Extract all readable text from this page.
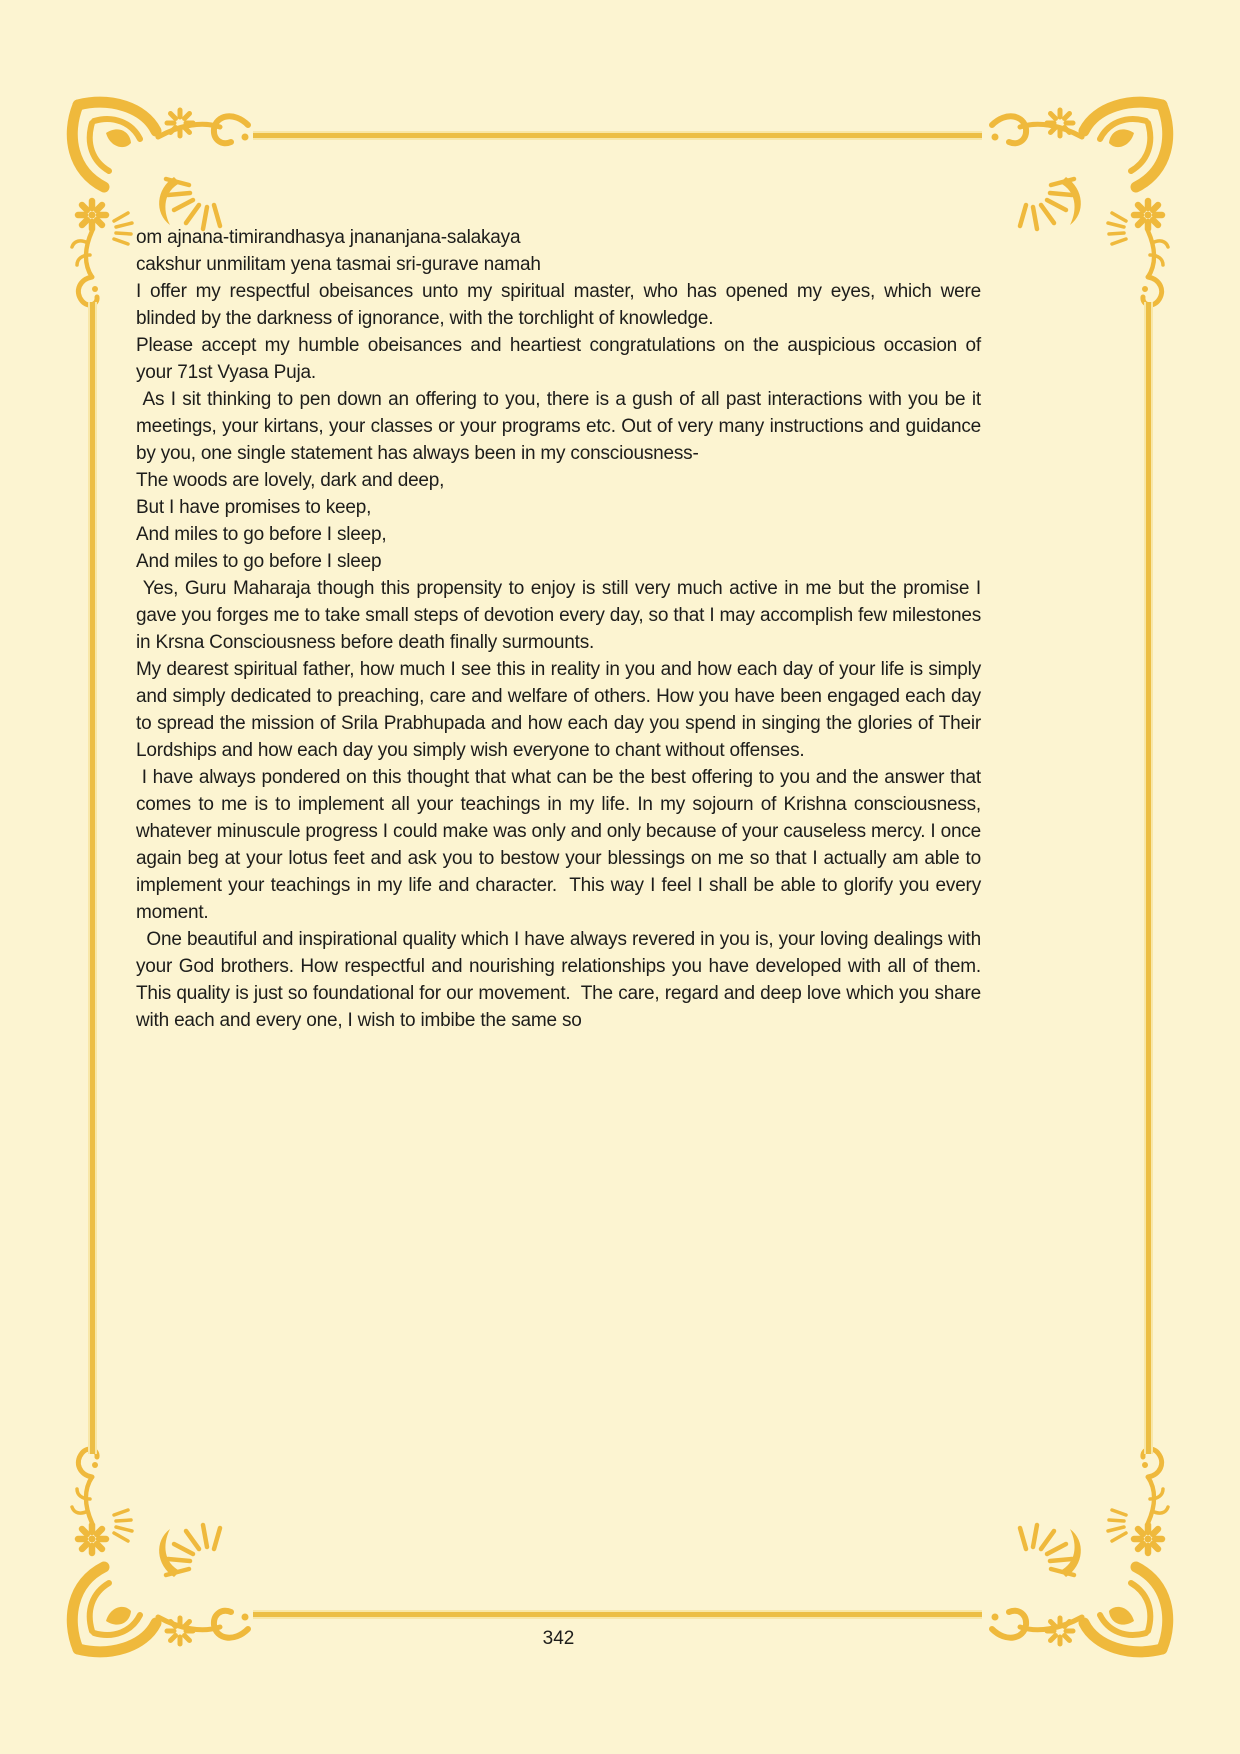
om ajnana-timirandhasya jnananjana-salakaya

cakshur unmilitam yena tasmai sri-gurave namah

I offer my respectful obeisances unto my spiritual master, who has opened my eyes, which were blinded by the darkness of ignorance, with the torchlight of knowledge.

Please accept my humble obeisances and heartiest congratulations on the auspicious occasion of your 71st Vyasa Puja.

As I sit thinking to pen down an offering to you, there is a gush of all past interactions with you be it meetings, your kirtans, your classes or your programs etc. Out of very many instructions and guidance by you, one single statement has always been in my consciousness-

The woods are lovely, dark and deep,

But I have promises to keep,

And miles to go before I sleep,

And miles to go before I sleep

Yes, Guru Maharaja though this propensity to enjoy is still very much active in me but the promise I gave you forges me to take small steps of devotion every day, so that I may accomplish few milestones in Krsna Consciousness before death finally surmounts.

My dearest spiritual father, how much I see this in reality in you and how each day of your life is simply and simply dedicated to preaching, care and welfare of others. How you have been engaged each day to spread the mission of Srila Prabhupada and how each day you spend in singing the glories of Their Lordships and how each day you simply wish everyone to chant without offenses.

I have always pondered on this thought that what can be the best offering to you and the answer that comes to me is to implement all your teachings in my life. In my sojourn of Krishna consciousness, whatever minuscule progress I could make was only and only because of your causeless mercy. I once again beg at your lotus feet and ask you to bestow your blessings on me so that I actually am able to implement your teachings in my life and character.  This way I feel I shall be able to glorify you every moment.

One beautiful and inspirational quality which I have always revered in you is, your loving dealings with your God brothers. How respectful and nourishing relationships you have developed with all of them. This quality is just so foundational for our movement.  The care, regard and deep love which you share with each and every one, I wish to imbibe the same so

342
